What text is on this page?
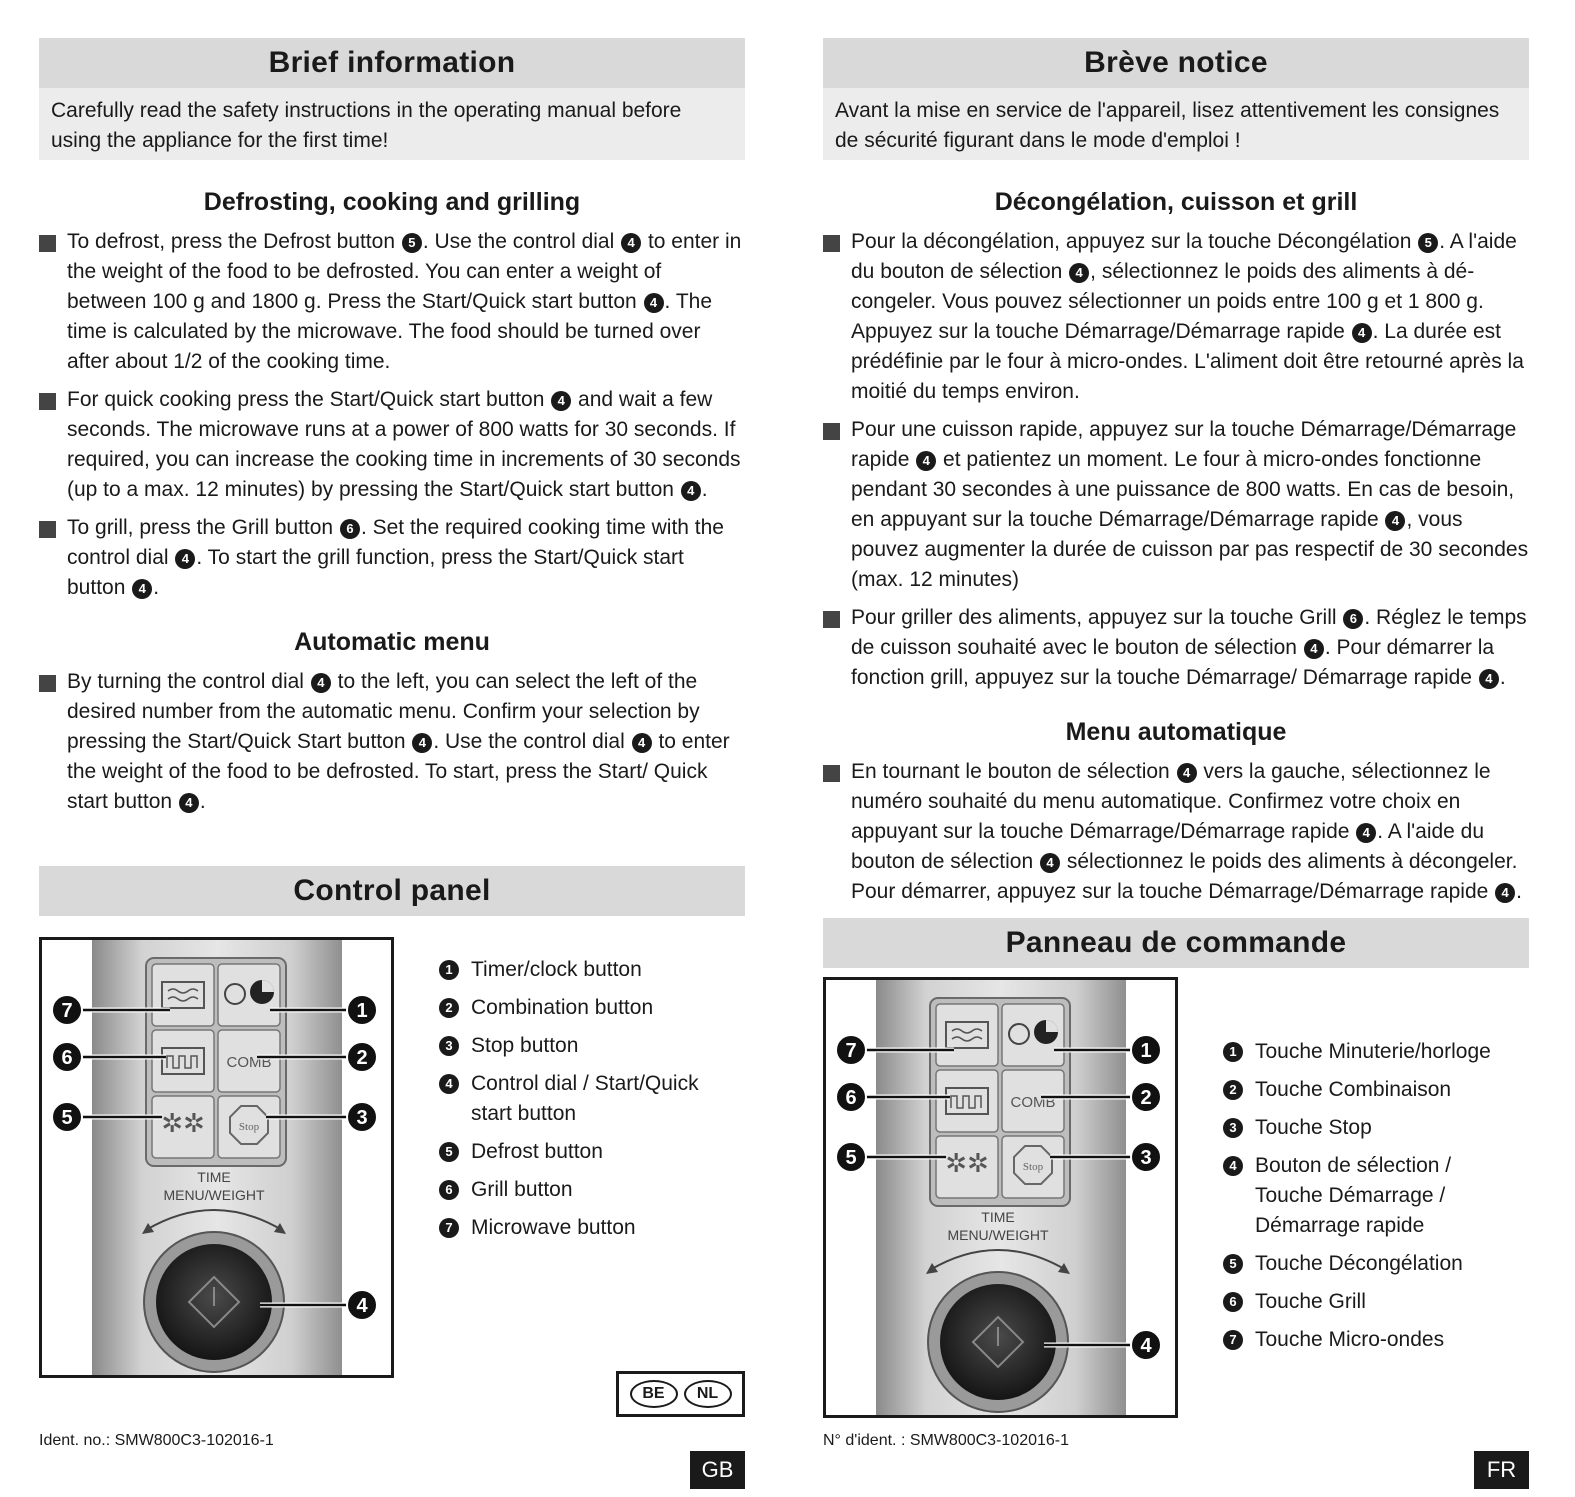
Brief information
Carefully read the safety instructions in the operating manual before using the appliance for the first time!
Defrosting, cooking and grilling
To defrost, press the Defrost button 5 . Use the control dial 4 to enter in the weight of the food to be defrosted. You can enter a weight of between 100 g and 1800 g. Press the Start/Quick start button 4 . The time is calculated by the microwave. The food should be turned over after about 1/2 of the cooking time.
For quick cooking press the Start/Quick start button 4 and wait a few seconds. The microwave runs at a power of 800 watts for 30 seconds. If required, you can increase the cooking time in increments of 30 seconds (up to a max. 12 minutes) by pressing the Start/Quick start button 4 .
To grill, press the Grill button 6 . Set the required cooking time with the control dial 4 . To start the grill function, press the Start/Quick start button 4 .
Automatic menu
By turning the control dial 4 to the left, you can select the left of the desired number from the automatic menu. Confirm your selection by pressing the Start/Quick Start button 4 . Use the control dial 4 to enter the weight of the food to be defrosted. To start, press the Start/ Quick start button 4 .
Control panel
COMB
✲✲	Stop
TIME
MENU/WEIGHT
1
2
3
4
5
6
7
1 Timer/clock button
2 Combination button
3 Stop button
4 Control dial / Start/Quick start button
5 Defrost button
6 Grill button
7 Microwave button
BE	NL
Ident. no.: SMW800C3-102016-1
GB
Brève notice
Avant la mise en service de l'appareil, lisez attentivement les consignes de sécurité figurant dans le mode d'emploi !
Décongélation, cuisson et grill
Pour la décongélation, appuyez sur la touche Décongélation 5 . A l'aide du bouton de sélection 4 , sélectionnez le poids des aliments à dé-congeler. Vous pouvez sélectionner un poids entre 100 g et 1 800 g. Appuyez sur la touche Démarrage/Démarrage rapide 4 . La durée est prédéfinie par le four à micro-ondes. L'aliment doit être retourné après la moitié du temps environ.
Pour une cuisson rapide, appuyez sur la touche Démarrage/Démarrage rapide 4 et patientez un moment. Le four à micro-ondes fonctionne pendant 30 secondes à une puissance de 800 watts. En cas de besoin, en appuyant sur la touche Démarrage/Démarrage rapide 4 , vous pouvez augmenter la durée de cuisson par pas respectif de 30 secondes (max. 12 minutes)
Pour griller des aliments, appuyez sur la touche Grill 6 . Réglez le temps de cuisson souhaité avec le bouton de sélection 4 . Pour démarrer la fonction grill, appuyez sur la touche Démarrage/ Démarrage rapide 4 .
Menu automatique
En tournant le bouton de sélection 4 vers la gauche, sélectionnez le numéro souhaité du menu automatique. Confirmez votre choix en appuyant sur la touche Démarrage/Démarrage rapide 4 . A l'aide du bouton de sélection 4 sélectionnez le poids des aliments à décongeler. Pour démarrer, appuyez sur la touche Démarrage/Démarrage rapide 4 .
Panneau de commande
COMB
✲✲	Stop
TIME
MENU/WEIGHT
1
2
3
4
5
6
7	1 Touche Minuterie/horloge
2 Touche Combinaison
3 Touche Stop
4 Bouton de sélection / Touche Démarrage / Démarrage rapide
5 Touche Décongélation
6 Touche Grill
7 Touche Micro-ondes
N° d'ident. : SMW800C3-102016-1
FR
